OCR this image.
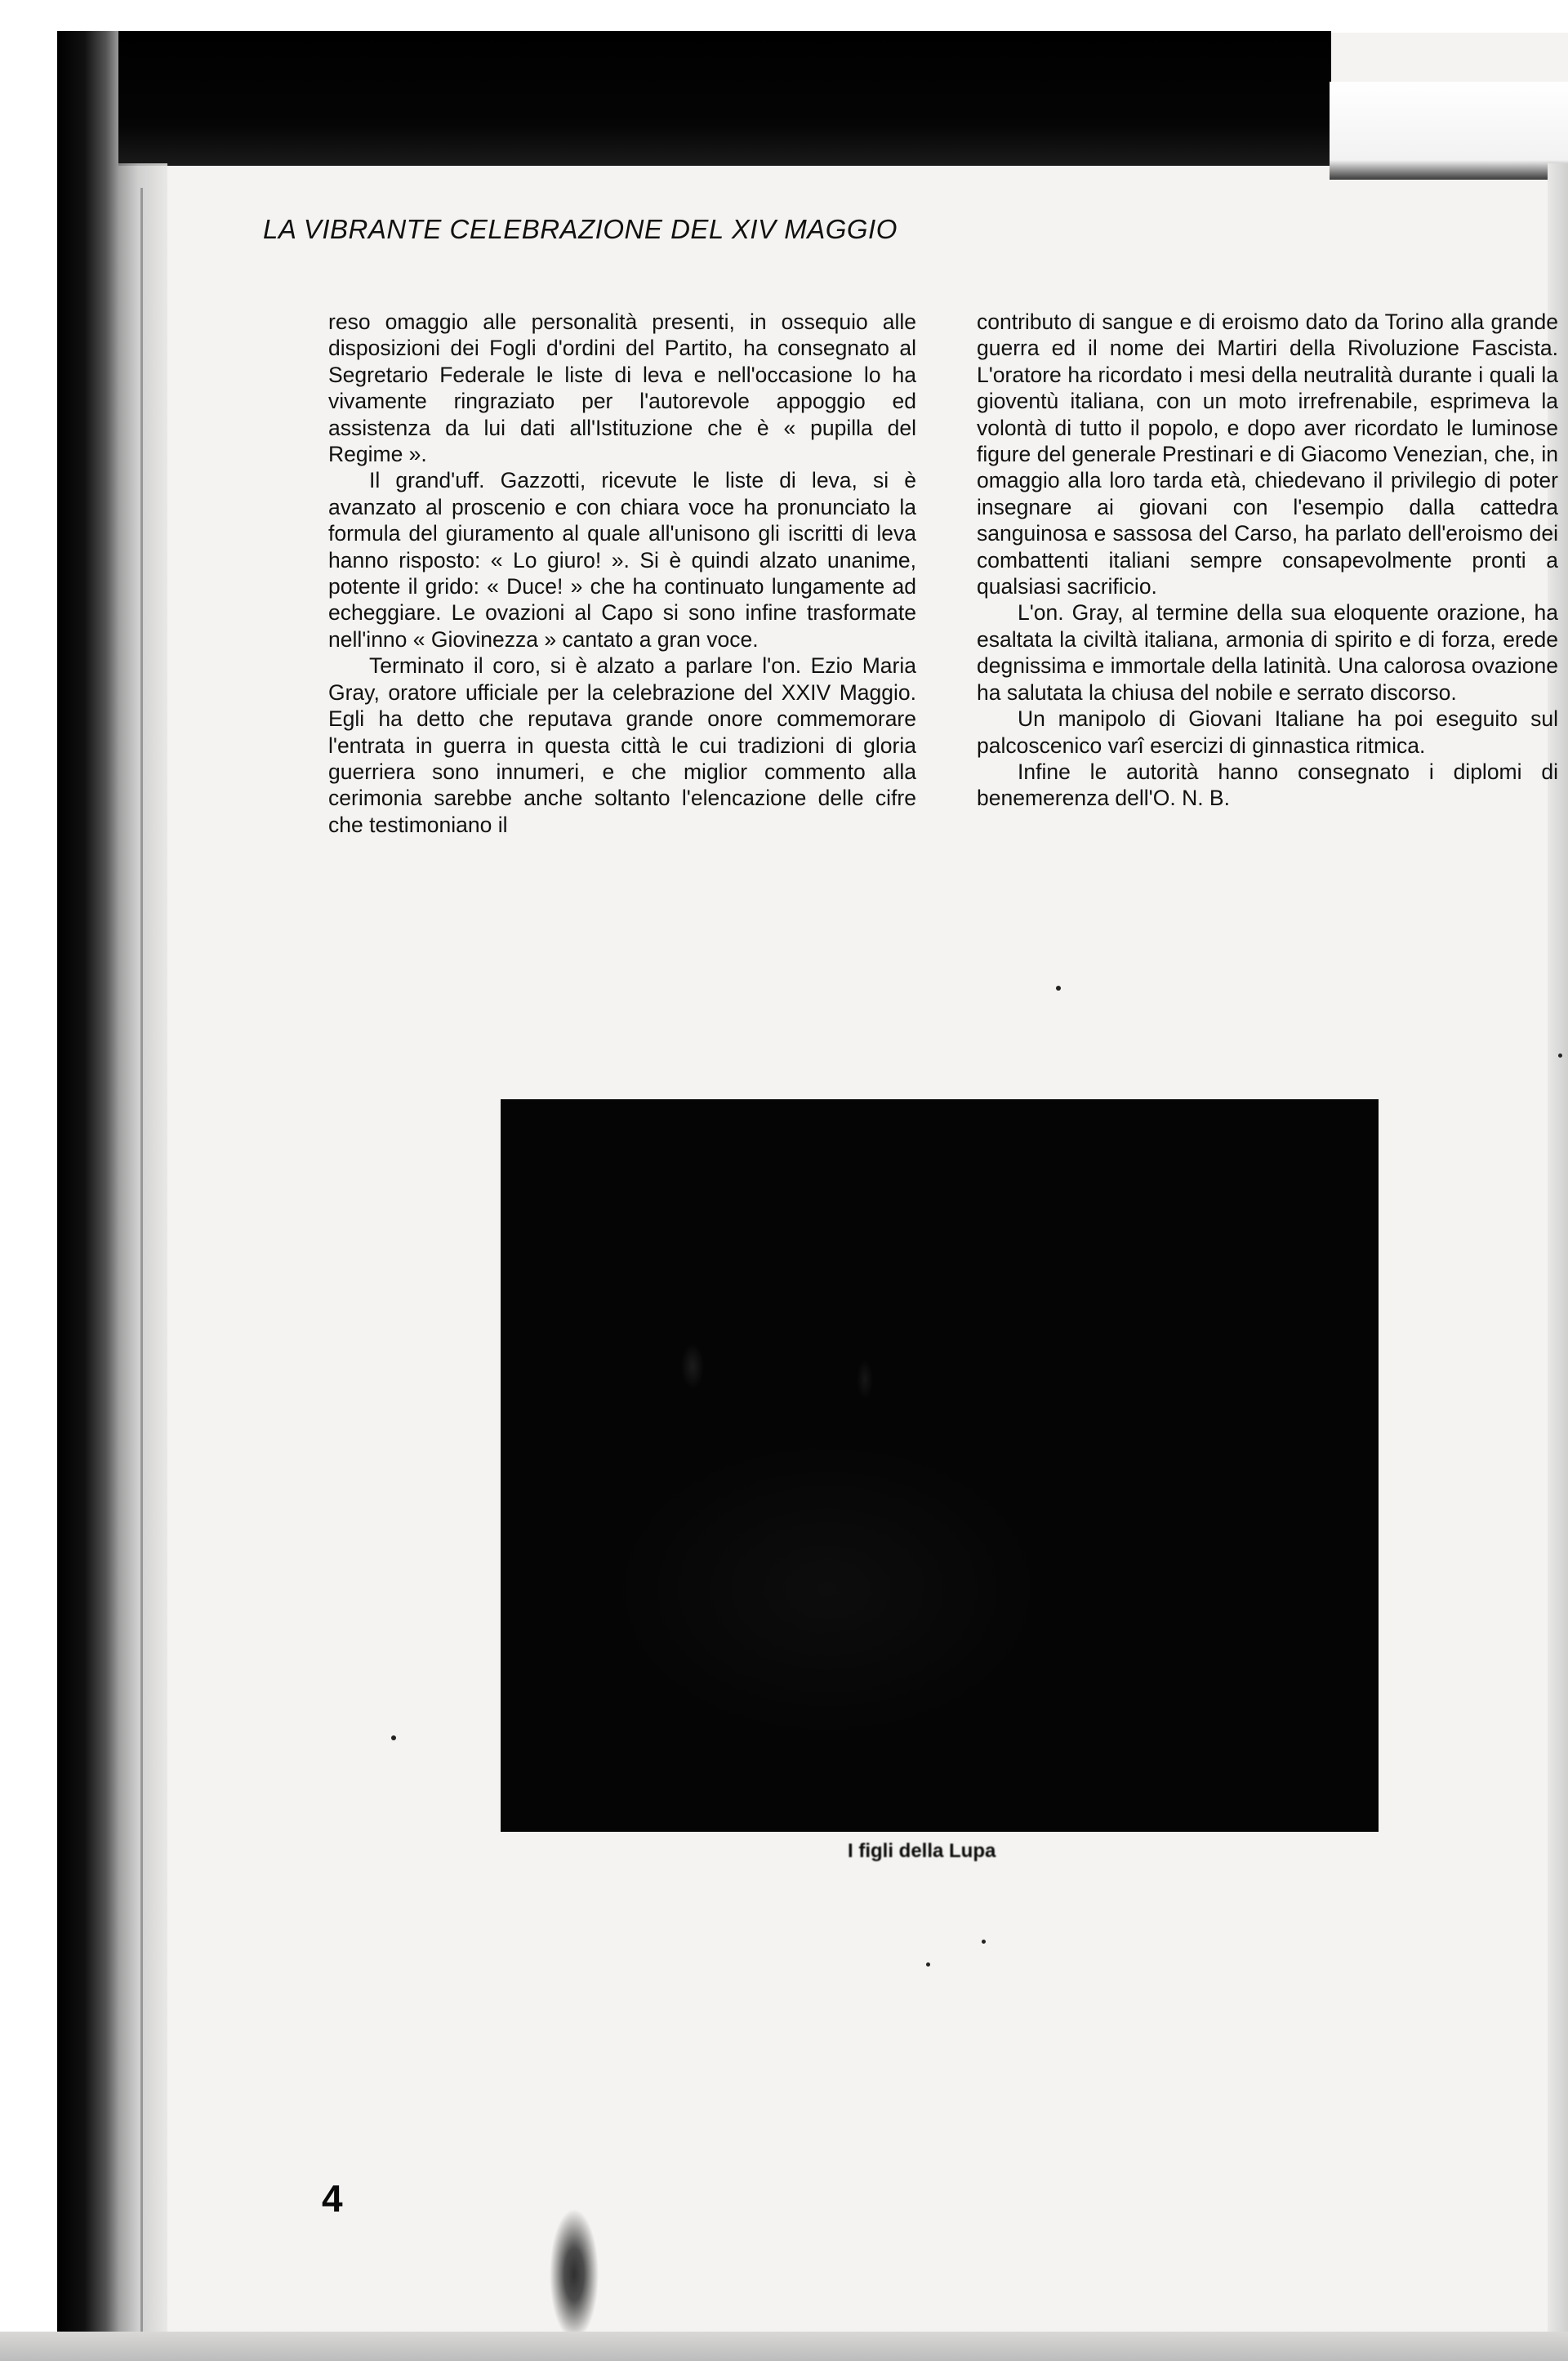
LA VIBRANTE CELEBRAZIONE DEL XIV MAGGIO

reso omaggio alle personalità presenti, in ossequio alle disposizioni dei Fogli d'ordini del Partito, ha consegnato al Segretario Federale le liste di leva e nell'occasione lo ha vivamente ringraziato per l'autorevole appoggio ed assistenza da lui dati all'Istituzione che è « pupilla del Regime ».

Il grand'uff. Gazzotti, ricevute le liste di leva, si è avanzato al proscenio e con chiara voce ha pronunciato la formula del giuramento al quale all'unisono gli iscritti di leva hanno risposto: « Lo giuro! ». Si è quindi alzato unanime, potente il grido: « Duce! » che ha continuato lungamente ad echeggiare. Le ovazioni al Capo si sono infine trasformate nell'inno « Giovinezza » cantato a gran voce.

Terminato il coro, si è alzato a parlare l'on. Ezio Maria Gray, oratore ufficiale per la celebrazione del XXIV Maggio. Egli ha detto che reputava grande onore commemorare l'entrata in guerra in questa città le cui tradizioni di gloria guerriera sono innumeri, e che miglior commento alla cerimonia sarebbe anche soltanto l'elencazione delle cifre che testimoniano il

contributo di sangue e di eroismo dato da Torino alla grande guerra ed il nome dei Martiri della Rivoluzione Fascista. L'oratore ha ricordato i mesi della neutralità durante i quali la gioventù italiana, con un moto irrefrenabile, esprimeva la volontà di tutto il popolo, e dopo aver ricordato le luminose figure del generale Prestinari e di Giacomo Venezian, che, in omaggio alla loro tarda età, chiedevano il privilegio di poter insegnare ai giovani con l'esempio dalla cattedra sanguinosa e sassosa del Carso, ha parlato dell'eroismo dei combattenti italiani sempre consapevolmente pronti a qualsiasi sacrificio.

L'on. Gray, al termine della sua eloquente orazione, ha esaltata la civiltà italiana, armonia di spirito e di forza, erede degnissima e immortale della latinità. Una calorosa ovazione ha salutata la chiusa del nobile e serrato discorso.

Un manipolo di Giovani Italiane ha poi eseguito sul palcoscenico varî esercizi di ginnastica ritmica.

Infine le autorità hanno consegnato i diplomi di benemerenza dell'O. N. B.

I figli della Lupa
4
